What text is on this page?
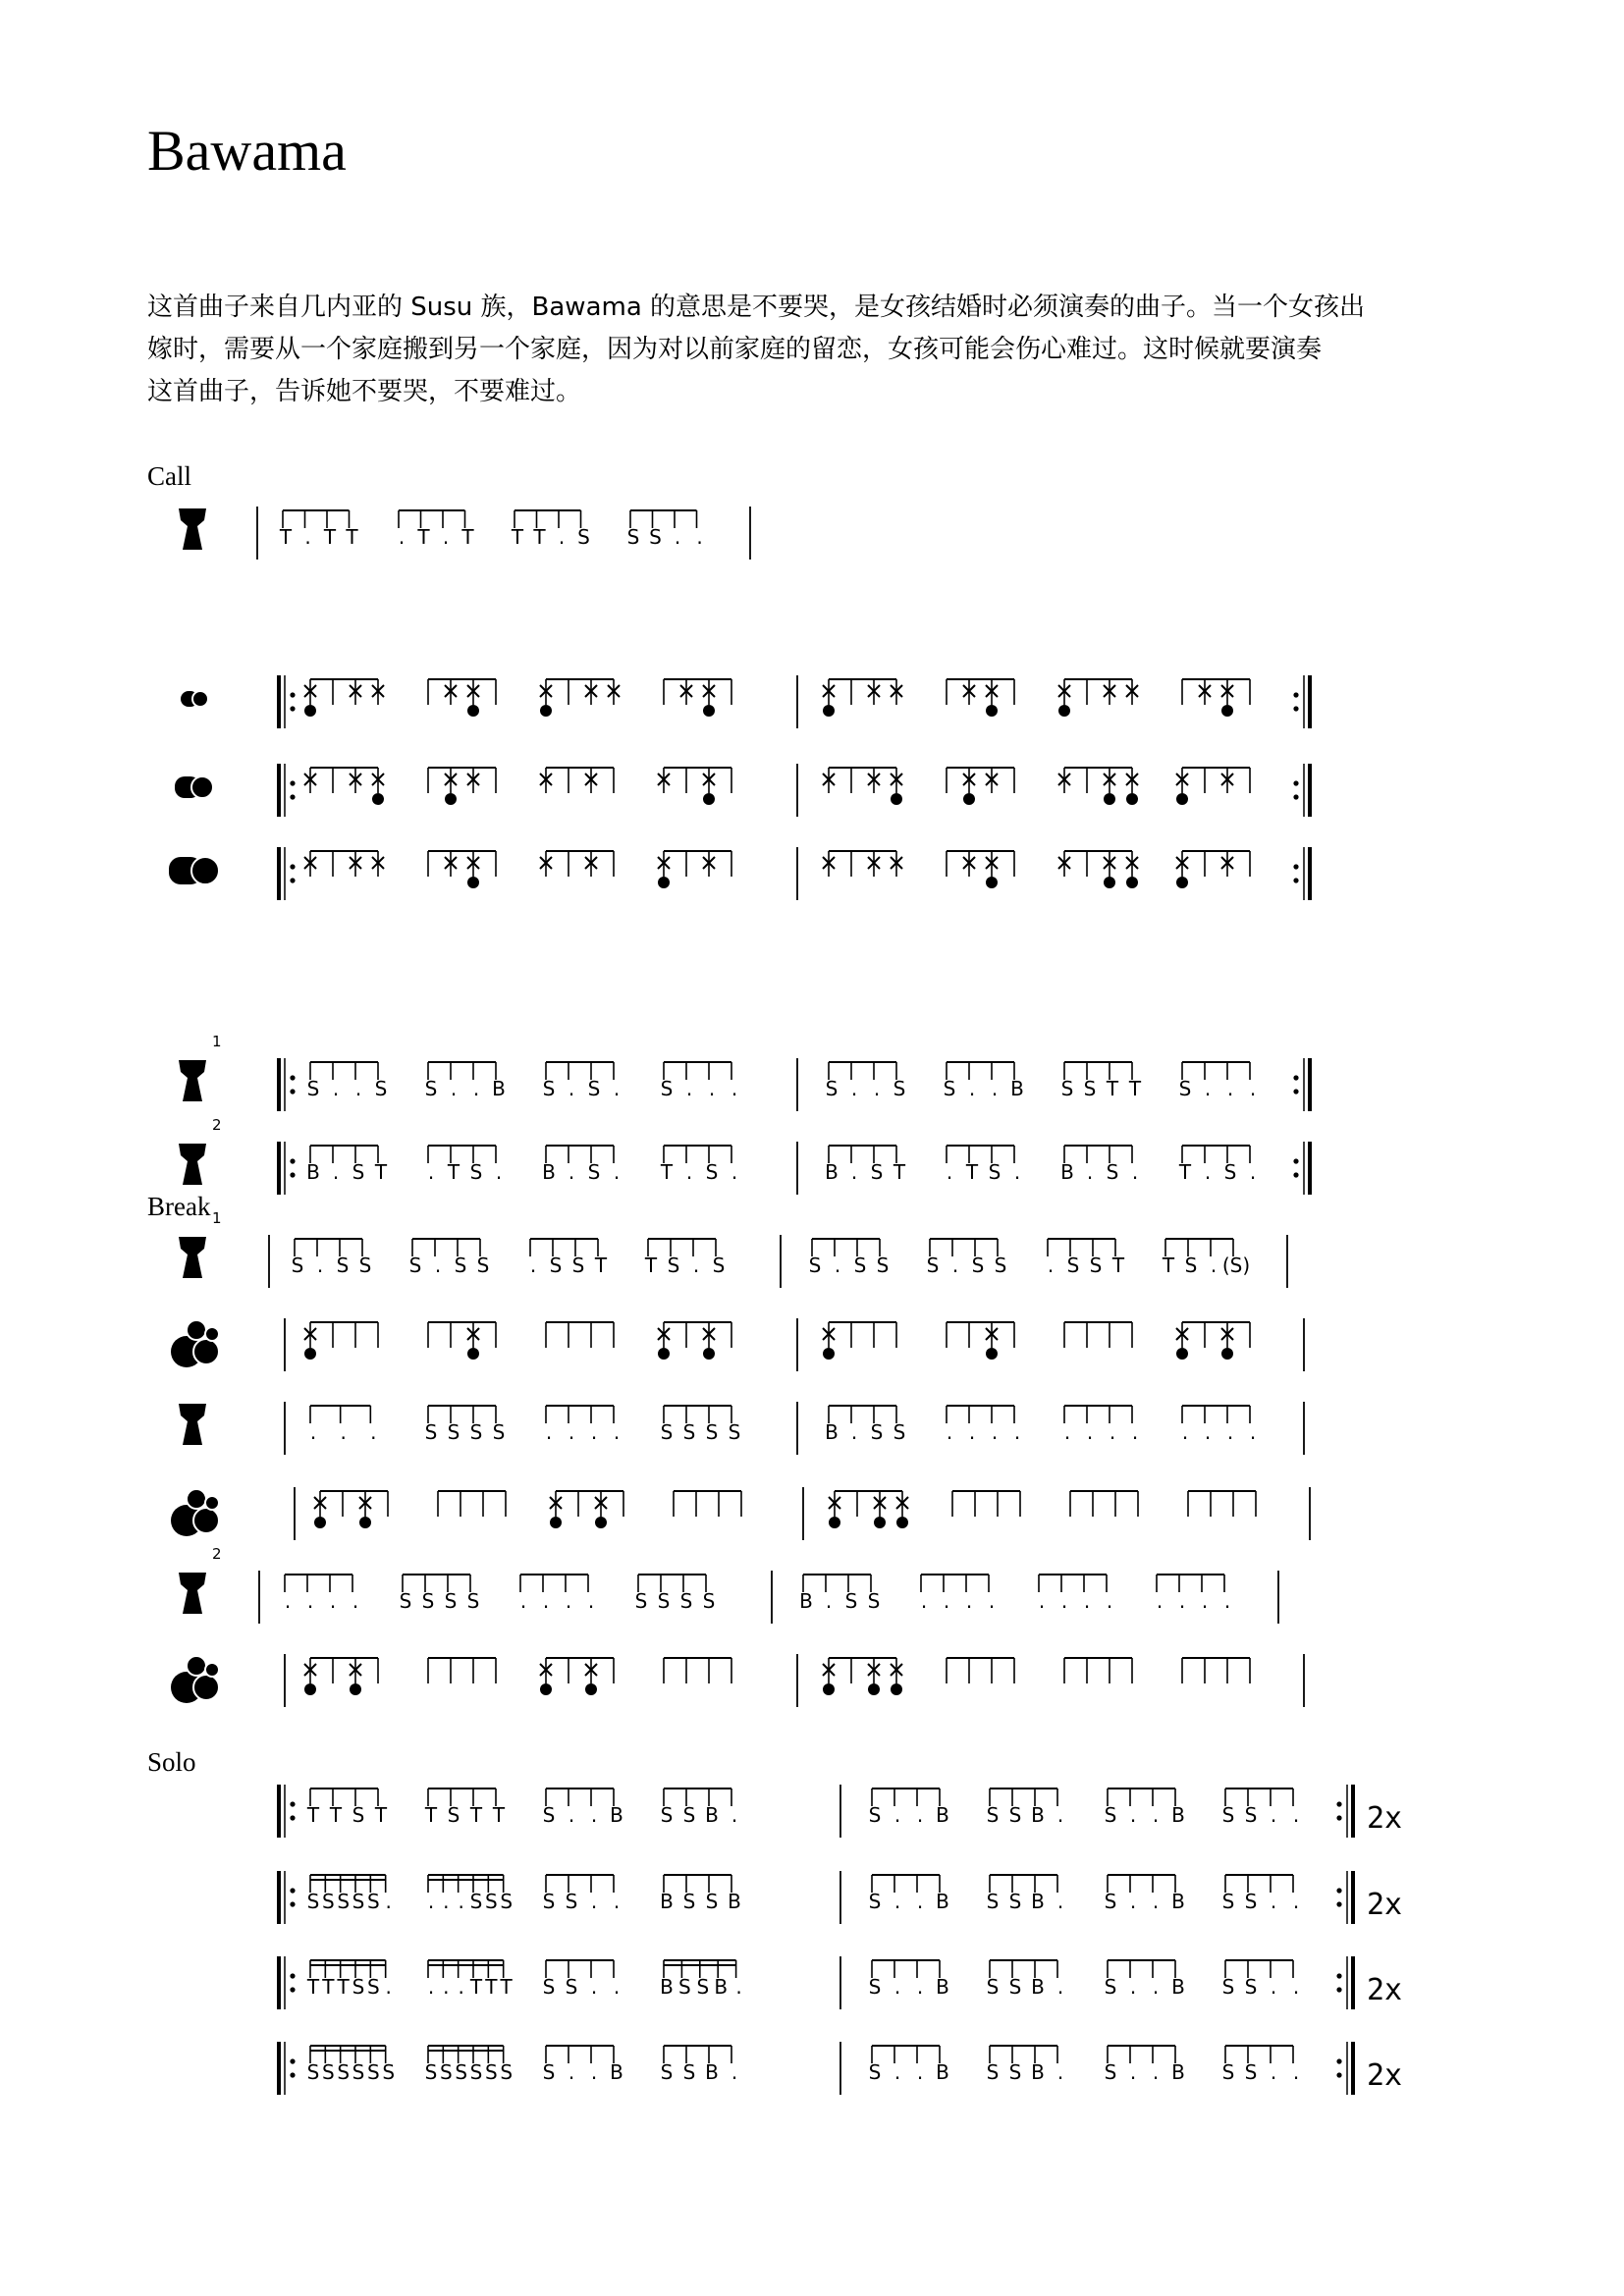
Bawama
这首曲子来自几内亚的 Susu 族，Bawama 的意思是不要哭，是女孩结婚时必须演奏的曲子。当一个女孩出
嫁时，需要从一个家庭搬到另一个家庭，因为对以前家庭的留恋，女孩可能会伤心难过。这时候就要演奏
这首曲子，告诉她不要哭，不要难过。
Call
Break
Solo
T . T T . T . T T T . S S S . .
1
S . . S S . . B S . S . S . . .	S . . S S . . B S S T T S . . .
2
B . S T . T S . B . S . T . S .	B . S T . T S . B . S . T . S .
1
S . S S S . S S . S S T T S . S	S . S S S . S S . S S T T S . (S)
. . . S S S S . . . . S S S S	B . S S . . . . . . . . . . . .
2
. . . . S S S S . . . . S S S S	B . S S . . . . . . . . . . . .
T T S T T S T T S . . B S S B .	S . . B S S B . S . . B S S . . 2x
S S S S S . . . . S S S S S . . B S S B	S . . B S S B . S . . B S S . . 2x
T T T S S . . . . T T T S S . . B S S B .	S . . B S S B . S . . B S S . . 2x
S S S S S S S S S S S S S . . B S S B .	S . . B S S B . S . . B S S . . 2x
